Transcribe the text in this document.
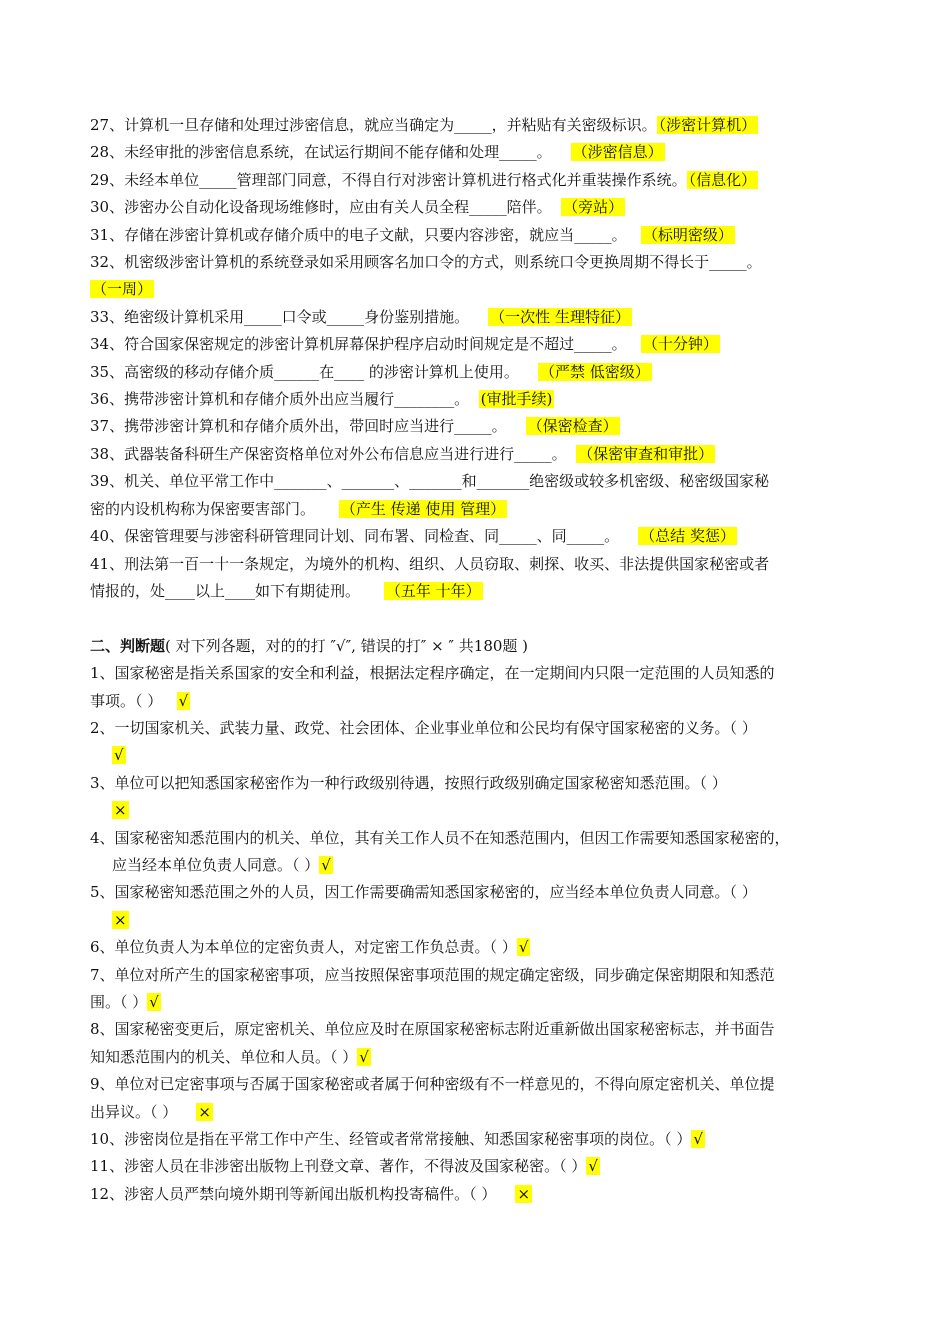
27、计算机一旦存储和处理过涉密信息，就应当确定为_____，并粘贴有关密级标识。 （涉密计算机）
28、未经审批的涉密信息系统，在试运行期间不能存储和处理_____。 （涉密信息）
29、未经本单位_____管理部门同意，不得自行对涉密计算机进行格式化并重装操作系统。 （信息化）
30、涉密办公自动化设备现场维修时，应由有关人员全程_____陪伴。 （旁站）
31、存储在涉密计算机或存储介质中的电子文献，只要内容涉密，就应当_____。 （标明密级）
32、机密级涉密计算机的系统登录如采用顾客名加口令的方式，则系统口令更换周期不得长于_____。
（一周）
33、绝密级计算机采用_____口令或_____身份鉴别措施。 （一次性 生理特征）
34、符合国家保密规定的涉密计算机屏幕保护程序启动时间规定是不超过_____。 （十分钟）
35、高密级的移动存储介质______在____ 的涉密计算机上使用。 （严禁 低密级）
36、携带涉密计算机和存储介质外出应当履行________。 (审批手续)
37、携带涉密计算机和存储介质外出，带回时应当进行_____。 （保密检查）
38、武器装备科研生产保密资格单位对外公布信息应当进行进行_____。 （保密审查和审批）
39、机关、单位平常工作中_______、_______、_______和_______绝密级或较多机密级、秘密级国家秘
密的内设机构称为保密要害部门。 （产生 传递 使用 管理）
40、保密管理要与涉密科研管理同计划、同布署、同检查、同_____、同_____。 （总结 奖惩）
41、刑法第一百一十一条规定，为境外的机构、组织、人员窃取、刺探、收买、非法提供国家秘密或者
情报的，处____以上____如下有期徒刑。 （五年 十年）
二、判断题( 对下列各题，对的的打 ″√″, 错误的打″ × ″ 共180题 )
1、国家秘密是指关系国家的安全和利益，根据法定程序确定，在一定期间内只限一定范围的人员知悉的
事项。（ ） √
2、一切国家机关、武装力量、政党、社会团体、企业事业单位和公民均有保守国家秘密的义务。（ ）
√
3、单位可以把知悉国家秘密作为一种行政级别待遇，按照行政级别确定国家秘密知悉范围。（ ）
×
4、国家秘密知悉范围内的机关、单位，其有关工作人员不在知悉范围内，但因工作需要知悉国家秘密的，
应当经本单位负责人同意。（ ） √
5、国家秘密知悉范围之外的人员，因工作需要确需知悉国家秘密的，应当经本单位负责人同意。（ ）
×
6、单位负责人为本单位的定密负责人，对定密工作负总责。（ ） √
7、单位对所产生的国家秘密事项，应当按照保密事项范围的规定确定密级，同步确定保密期限和知悉范
围。（ ） √
8、国家秘密变更后，原定密机关、单位应及时在原国家秘密标志附近重新做出国家秘密标志，并书面告
知知悉范围内的机关、单位和人员。（ ） √
9、单位对已定密事项与否属于国家秘密或者属于何种密级有不一样意见的，不得向原定密机关、单位提
出异议。（ ） ×
10、涉密岗位是指在平常工作中产生、经管或者常常接触、知悉国家秘密事项的岗位。（ ） √
11、涉密人员在非涉密出版物上刊登文章、著作，不得波及国家秘密。（ ） √
12、涉密人员严禁向境外期刊等新闻出版机构投寄稿件。（ ） ×
